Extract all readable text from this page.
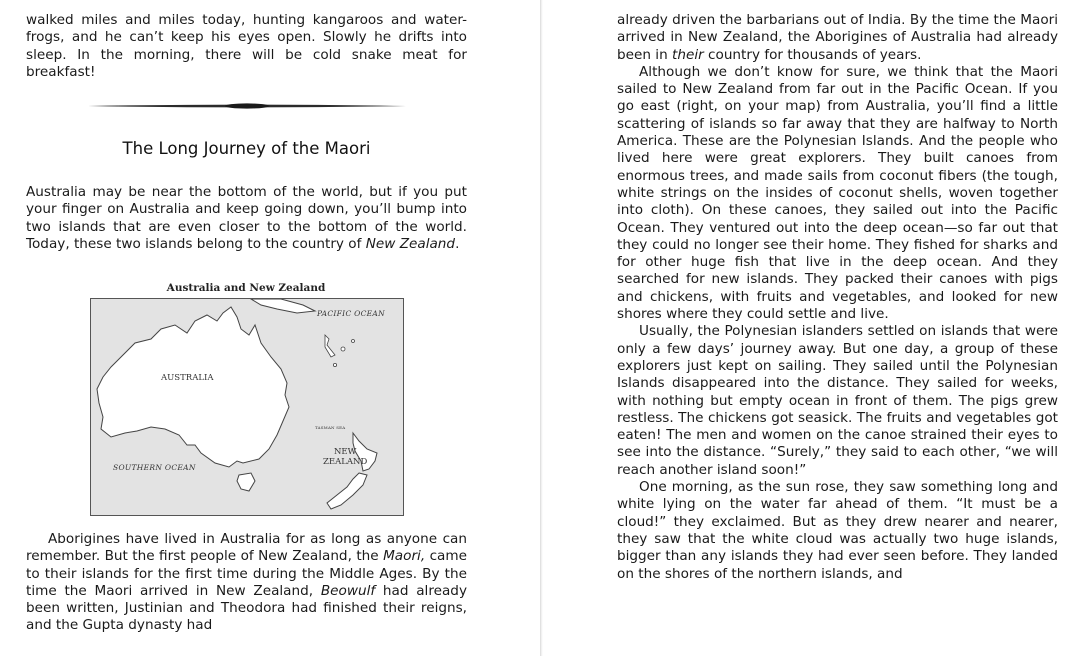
walked miles and miles today, hunting kangaroos and water-frogs, and he can’t keep his eyes open. Slowly he drifts into sleep. In the morning, there will be cold snake meat for breakfast!

The Long Journey of the Maori

Australia may be near the bottom of the world, but if you put your finger on Australia and keep going down, you’ll bump into two islands that are even closer to the bottom of the world. Today, these two islands belong to the country of New Zealand.

Australia and New Zealand
PACIFIC OCEAN
AUSTRALIA
SOUTHERN OCEAN
TASMAN SEA
NEW
ZEALAND

Aborigines have lived in Australia for as long as anyone can remember. But the first people of New Zealand, the Maori, came to their islands for the first time during the Middle Ages. By the time the Maori arrived in New Zealand, Beowulf had already been written, Justinian and Theodora had finished their reigns, and the Gupta dynasty had

already driven the barbarians out of India. By the time the Maori arrived in New Zealand, the Aborigines of Australia had already been in their country for thousands of years.

Although we don’t know for sure, we think that the Maori sailed to New Zealand from far out in the Pacific Ocean. If you go east (right, on your map) from Australia, you’ll find a little scattering of islands so far away that they are halfway to North America. These are the Polynesian Islands. And the people who lived here were great explorers. They built canoes from enormous trees, and made sails from coconut fibers (the tough, white strings on the insides of coconut shells, woven together into cloth). On these canoes, they sailed out into the Pacific Ocean. They ventured out into the deep ocean—so far out that they could no longer see their home. They fished for sharks and for other huge fish that live in the deep ocean. And they searched for new islands. They packed their canoes with pigs and chickens, with fruits and vegetables, and looked for new shores where they could settle and live.

Usually, the Polynesian islanders settled on islands that were only a few days’ journey away. But one day, a group of these explorers just kept on sailing. They sailed until the Polynesian Islands disappeared into the distance. They sailed for weeks, with nothing but empty ocean in front of them. The pigs grew restless. The chickens got seasick. The fruits and vegetables got eaten! The men and women on the canoe strained their eyes to see into the distance. “Surely,” they said to each other, “we will reach another island soon!”

One morning, as the sun rose, they saw something long and white lying on the water far ahead of them. “It must be a cloud!” they exclaimed. But as they drew nearer and nearer, they saw that the white cloud was actually two huge islands, bigger than any islands they had ever seen before. They landed on the shores of the northern islands, and
